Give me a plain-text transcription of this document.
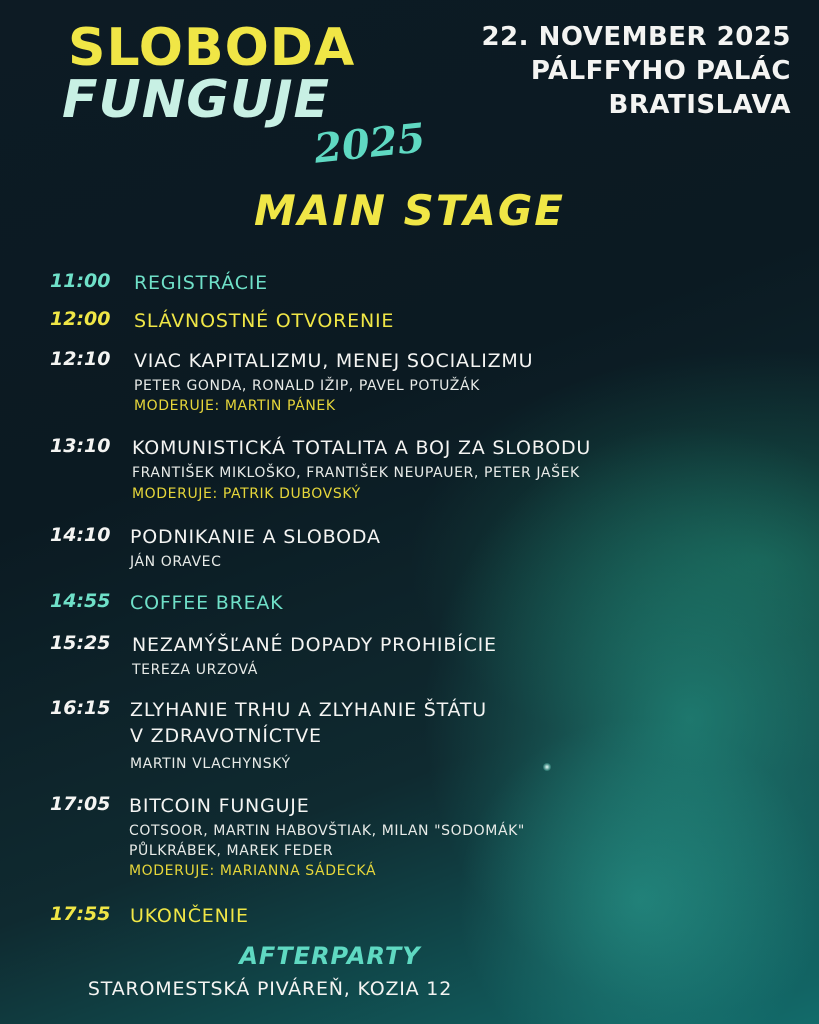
SLOBODA
FUNGUJE
2025
22. NOVEMBER 2025
PÁLFFYHO PALÁC
BRATISLAVA
MAIN STAGE
11:00 REGISTRÁCIE
12:00 SLÁVNOSTNÉ OTVORENIE
12:10 VIAC KAPITALIZMU, MENEJ SOCIALIZMU
PETER GONDA, RONALD IŽIP, PAVEL POTUŽÁK
MODERUJE: MARTIN PÁNEK
13:10 KOMUNISTICKÁ TOTALITA A BOJ ZA SLOBODU
FRANTIŠEK MIKLOŠKO, FRANTIŠEK NEUPAUER, PETER JAŠEK
MODERUJE: PATRIK DUBOVSKÝ
14:10 PODNIKANIE A SLOBODA
JÁN ORAVEC
14:55 COFFEE BREAK
15:25 NEZAMÝŠĽANÉ DOPADY PROHIBÍCIE
TEREZA URZOVÁ
16:15 ZLYHANIE TRHU A ZLYHANIE ŠTÁTU
V ZDRAVOTNÍCTVE
MARTIN VLACHYNSKÝ
17:05 BITCOIN FUNGUJE
COTSOOR, MARTIN HABOVŠTIAK, MILAN "SODOMÁK"
PŮLKRÁBEK, MAREK FEDER
MODERUJE: MARIANNA SÁDECKÁ
17:55 UKONČENIE
AFTERPARTY
STAROMESTSKÁ PIVÁREŇ, KOZIA 12
